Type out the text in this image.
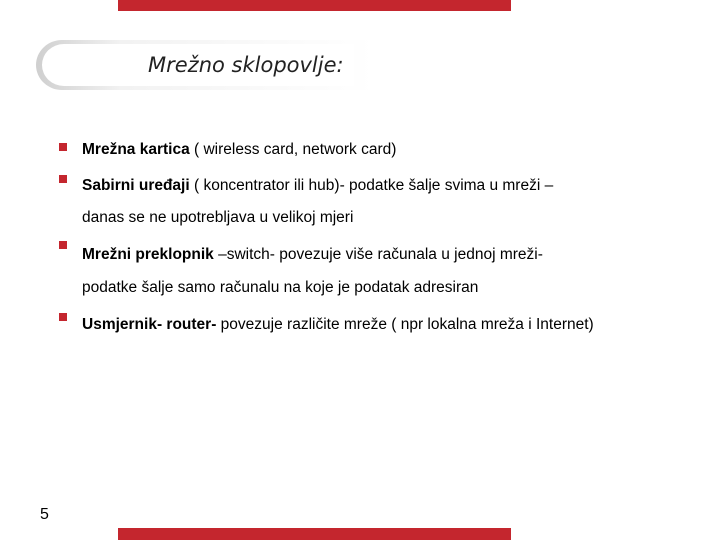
Mrežno sklopovlje:
Mrežna kartica ( wireless card, network card)
Sabirni uređaji ( koncentrator ili hub)- podatke šalje svima u mreži –
danas se ne upotrebljava u velikoj mjeri
Mrežni preklopnik –switch- povezuje više računala u jednoj mreži-
podatke šalje samo računalu na koje je podatak adresiran
Usmjernik- router- povezuje različite mreže ( npr lokalna mreža i Internet)
5
